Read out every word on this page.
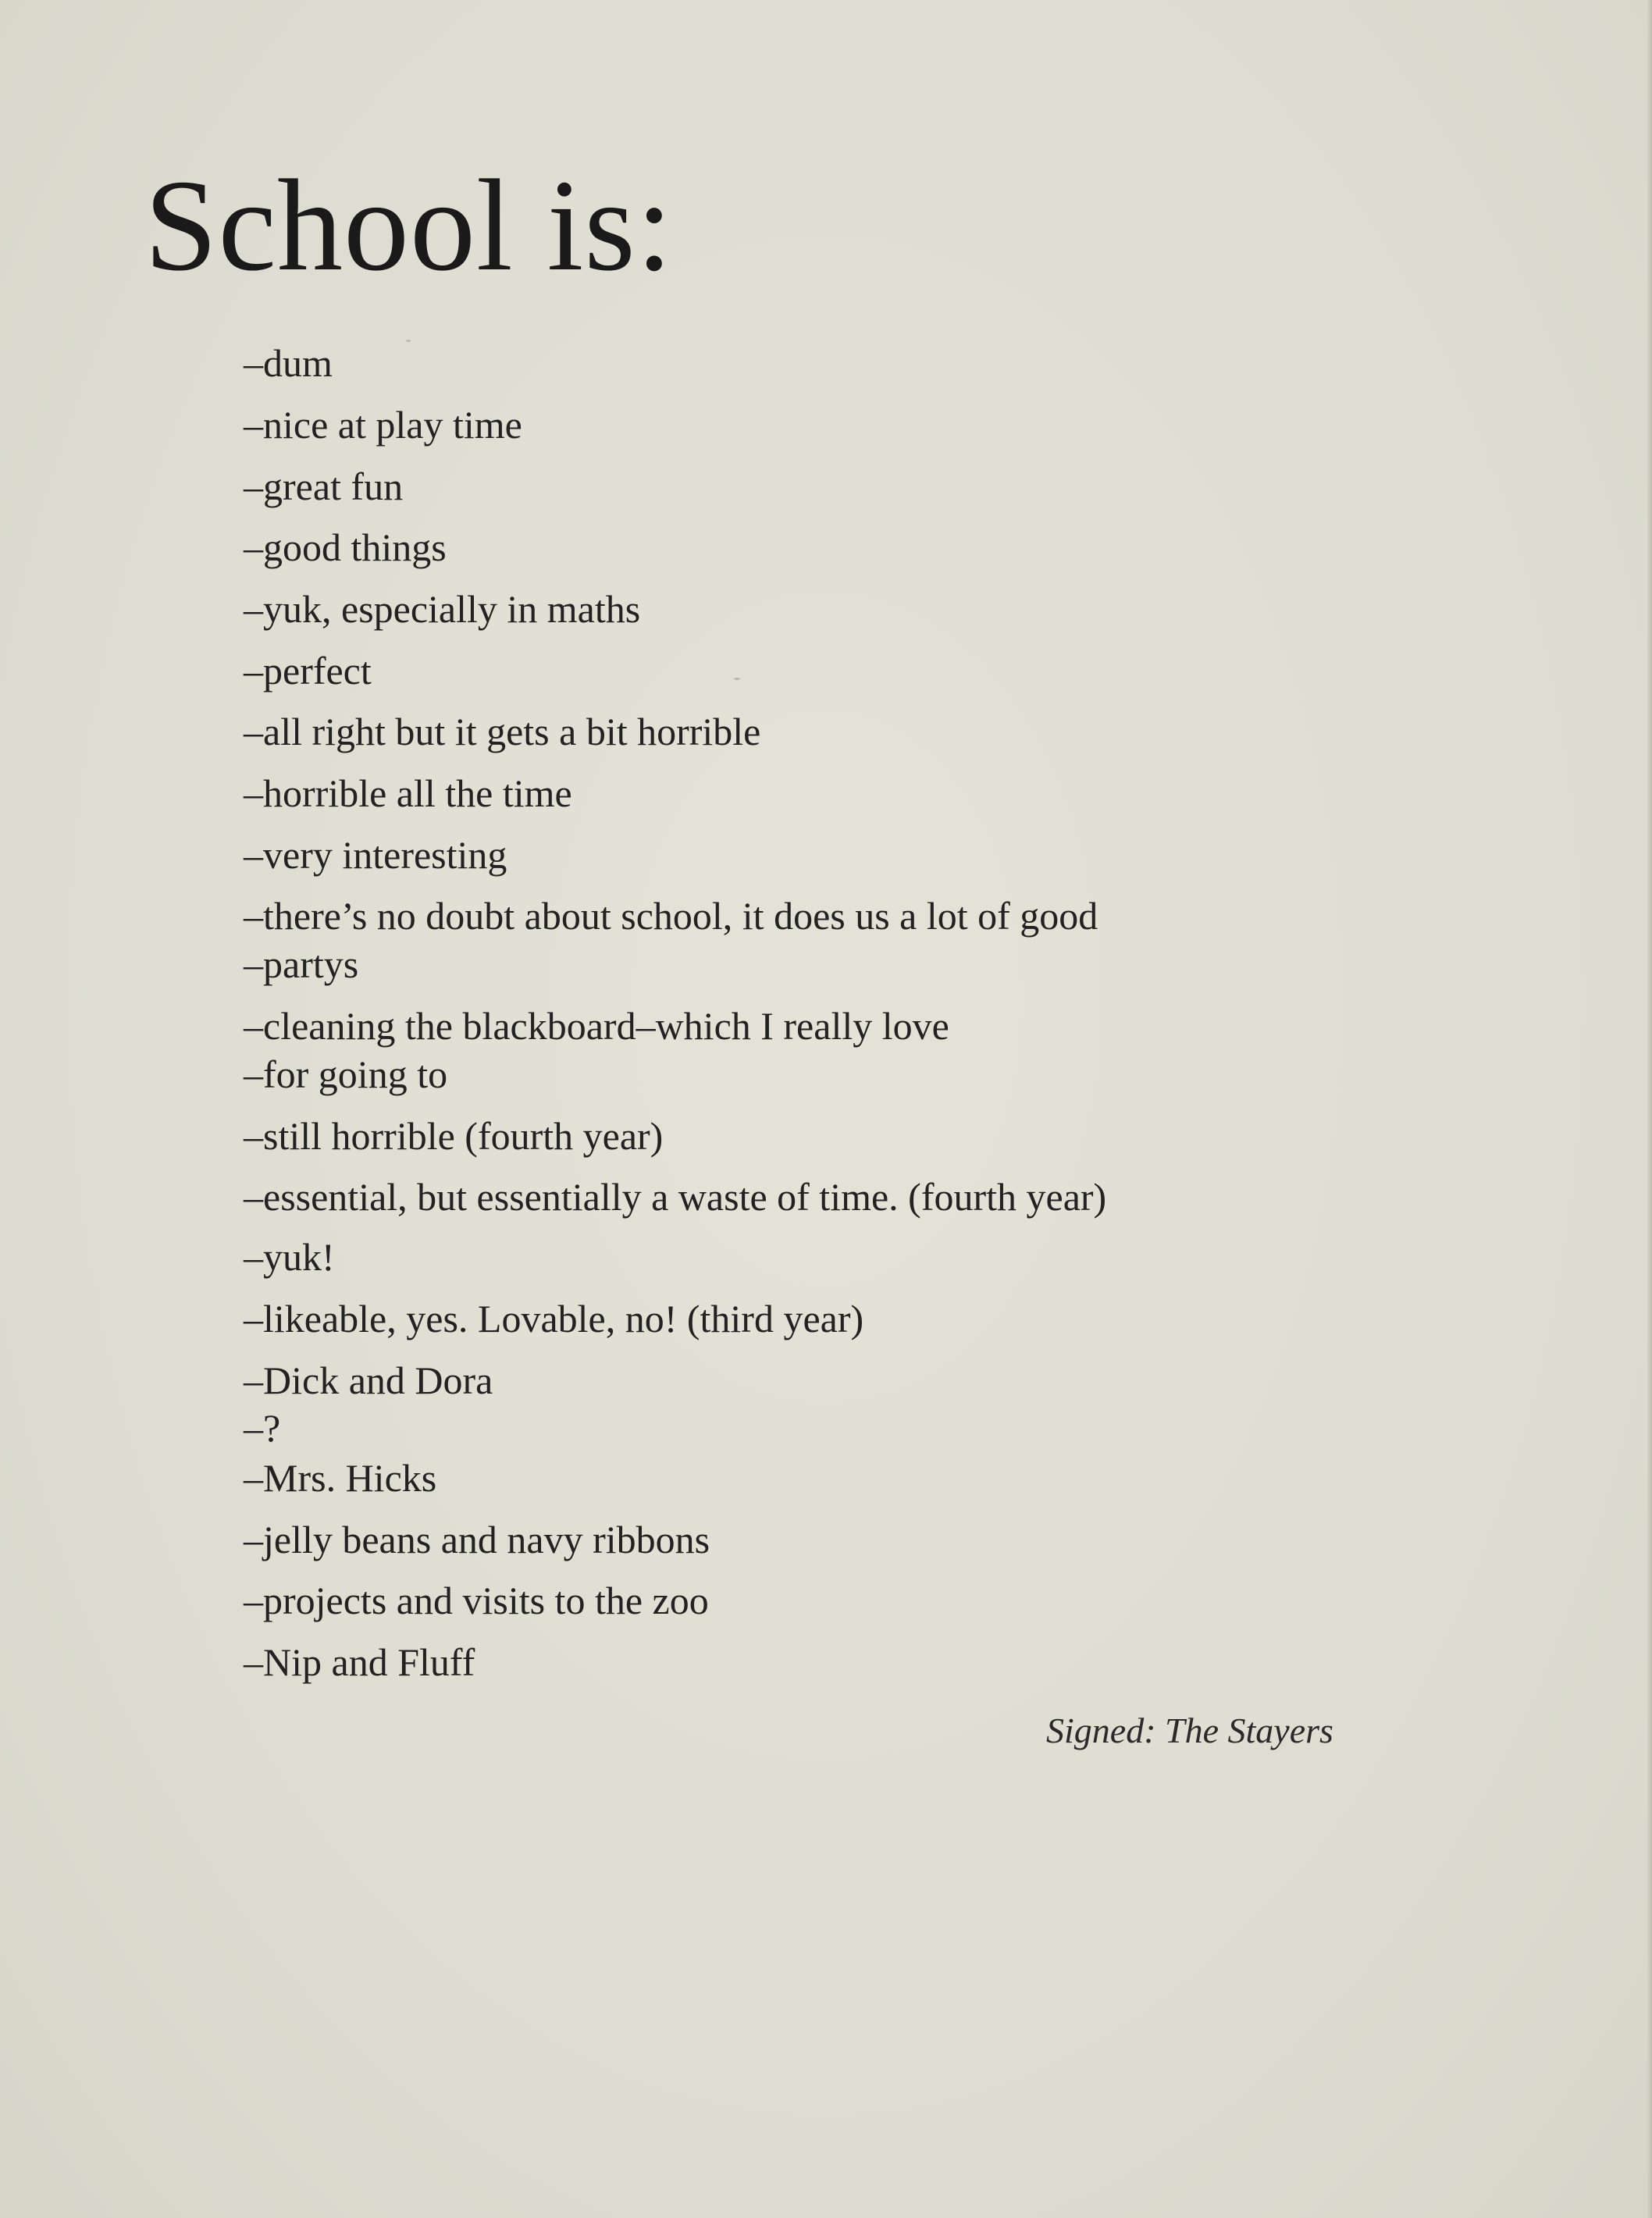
School is:
–dum
–nice at play time
–great fun
–good things
–yuk, especially in maths
–perfect
–all right but it gets a bit horrible
–horrible all the time
–very interesting
–there’s no doubt about school, it does us a lot of good
–partys
–cleaning the blackboard–which I really love
–for going to
–still horrible (fourth year)
–essential, but essentially a waste of time. (fourth year)
–yuk!
–likeable, yes. Lovable, no! (third year)
–Dick and Dora
–?
–Mrs. Hicks
–jelly beans and navy ribbons
–projects and visits to the zoo
–Nip and Fluff
Signed: The Stayers
